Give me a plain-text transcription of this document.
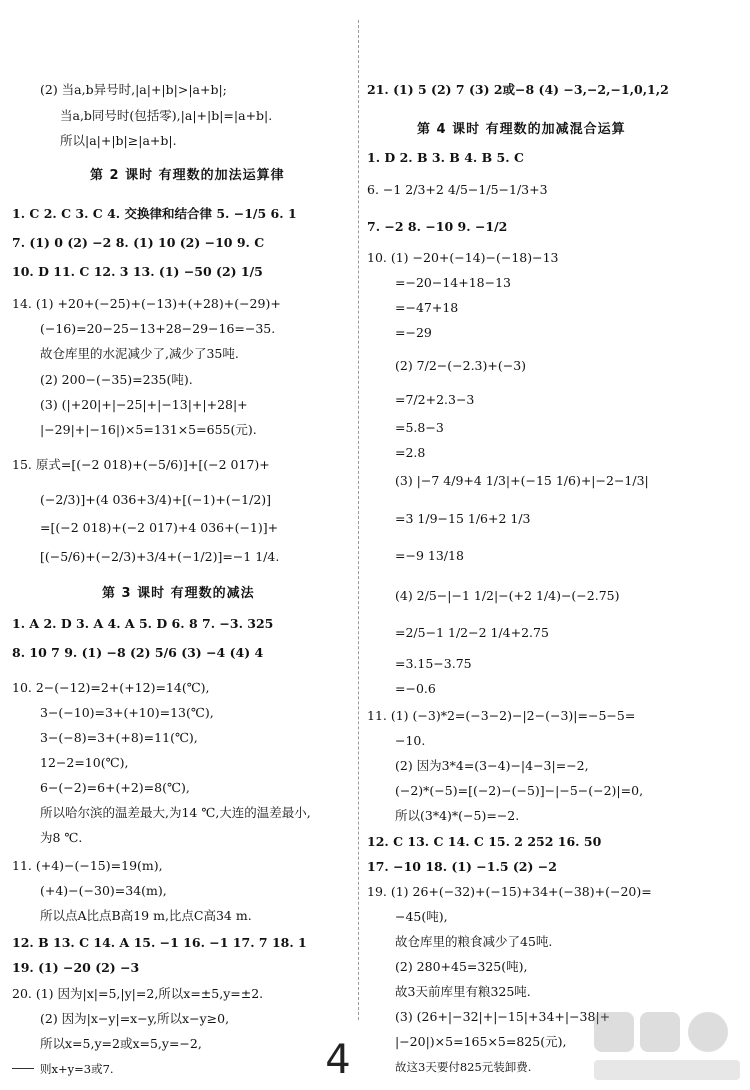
(2) 当a,b异号时,|a|+|b|>|a+b|;
当a,b同号时(包括零),|a|+|b|=|a+b|.
所以|a|+|b|≥|a+b|.
第 2 课时 有理数的加法运算律
1. C 2. C 3. C 4. 交换律和结合律 5. −1/5 6. 1
7. (1) 0 (2) −2 8. (1) 10 (2) −10 9. C
10. D 11. C 12. 3 13. (1) −50 (2) 1/5
14. (1) +20+(−25)+(−13)+(+28)+(−29)+
(−16)=20−25−13+28−29−16=−35.
故仓库里的水泥减少了,减少了35吨.
(2) 200−(−35)=235(吨).
(3) (|+20|+|−25|+|−13|+|+28|+
|−29|+|−16|)×5=131×5=655(元).
15. 原式=[(−2 018)+(−5/6)]+[(−2 017)+
(−2/3)]+(4 036+3/4)+[(−1)+(−1/2)]
=[(−2 018)+(−2 017)+4 036+(−1)]+
[(−5/6)+(−2/3)+3/4+(−1/2)]=−1 1/4.
第 3 课时 有理数的减法
1. A 2. D 3. A 4. A 5. D 6. 8 7. −3. 325
8. 10 7 9. (1) −8 (2) 5/6 (3) −4 (4) 4
10. 2−(−12)=2+(+12)=14(℃),
3−(−10)=3+(+10)=13(℃),
3−(−8)=3+(+8)=11(℃),
12−2=10(℃),
6−(−2)=6+(+2)=8(℃),
所以哈尔滨的温差最大,为14 ℃,大连的温差最小,
为8 ℃.
11. (+4)−(−15)=19(m),
(+4)−(−30)=34(m),
所以点A比点B高19 m,比点C高34 m.
12. B 13. C 14. A 15. −1 16. −1 17. 7 18. 1
19. (1) −20 (2) −3
20. (1) 因为|x|=5,|y|=2,所以x=±5,y=±2.
(2) 因为|x−y|=x−y,所以x−y≥0,
所以x=5,y=2或x=5,y=−2,
则x+y=3或7.
21. (1) 5 (2) 7 (3) 2或−8 (4) −3,−2,−1,0,1,2
第 4 课时 有理数的加减混合运算
1. D 2. B 3. B 4. B 5. C
6. −1 2/3+2 4/5−1/5−1/3+3
7. −2 8. −10 9. −1/2
10. (1) −20+(−14)−(−18)−13
=−20−14+18−13
=−47+18
=−29
(2) 7/2−(−2.3)+(−3)
=7/2+2.3−3
=5.8−3
=2.8
(3) |−7 4/9+4 1/3|+(−15 1/6)+|−2−1/3|
=3 1/9−15 1/6+2 1/3
=−9 13/18
(4) 2/5−|−1 1/2|−(+2 1/4)−(−2.75)
=2/5−1 1/2−2 1/4+2.75
=3.15−3.75
=−0.6
11. (1) (−3)*2=(−3−2)−|2−(−3)|=−5−5=
−10.
(2) 因为3*4=(3−4)−|4−3|=−2,
(−2)*(−5)=[(−2)−(−5)]−|−5−(−2)|=0,
所以(3*4)*(−5)=−2.
12. C 13. C 14. C 15. 2 252 16. 50
17. −10 18. (1) −1.5 (2) −2
19. (1) 26+(−32)+(−15)+34+(−38)+(−20)=
−45(吨),
故仓库里的粮食减少了45吨.
(2) 280+45=325(吨),
故3天前库里有粮325吨.
(3) (26+|−32|+|−15|+34+|−38|+
|−20|)×5=165×5=825(元),
故这3天要付825元装卸费.
4
